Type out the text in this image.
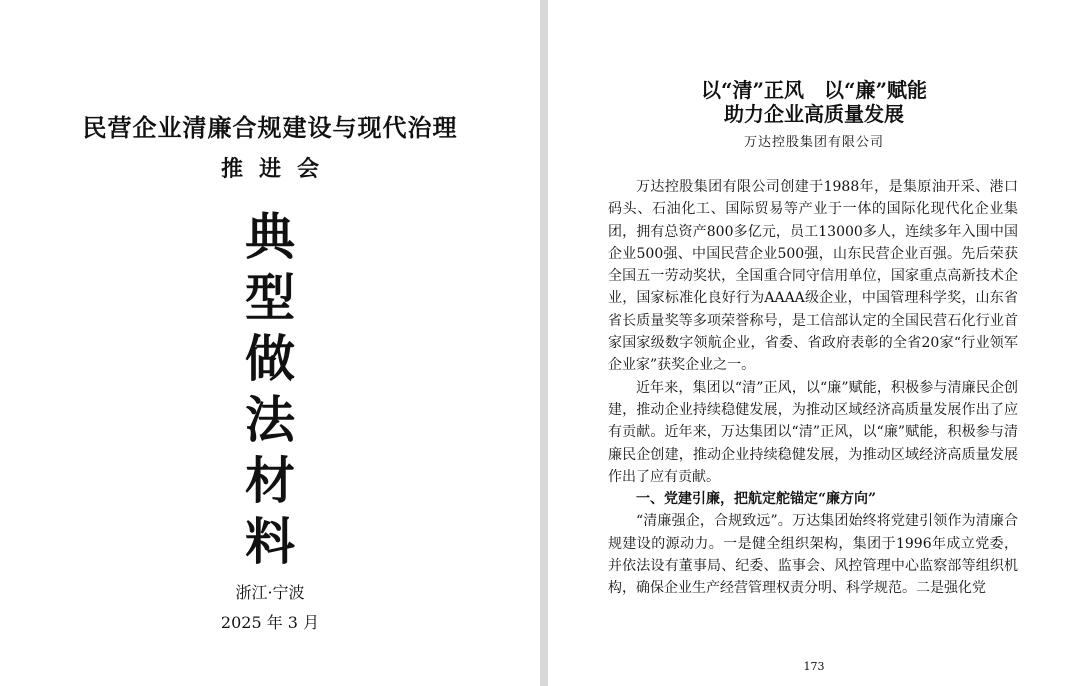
民营企业清廉合规建设与现代治理
推进会
典
型
做
法
材
料
浙江·宁波
2025 年 3 月
以“清”正风　以“廉”赋能
助力企业高质量发展
万达控股集团有限公司

万达控股集团有限公司创建于1988年，是集原油开采、港口码头、石油化工、国际贸易等产业于一体的国际化现代化企业集团，拥有总资产800多亿元，员工13000多人，连续多年入围中国企业500强、中国民营企业500强，山东民营企业百强。先后荣获全国五一劳动奖状，全国重合同守信用单位，国家重点高新技术企业，国家标准化良好行为AAAA级企业，中国管理科学奖，山东省省长质量奖等多项荣誉称号，是工信部认定的全国民营石化行业首家国家级数字领航企业，省委、省政府表彰的全省20家“行业领军企业家”获奖企业之一。

近年来，集团以“清”正风，以“廉”赋能，积极参与清廉民企创建，推动企业持续稳健发展，为推动区域经济高质量发展作出了应有贡献。近年来，万达集团以“清”正风，以“廉”赋能，积极参与清廉民企创建，推动企业持续稳健发展，为推动区域经济高质量发展作出了应有贡献。

一、党建引廉，把航定舵锚定“廉方向”

“清廉强企，合规致远”。万达集团始终将党建引领作为清廉合规建设的源动力。一是健全组织架构，集团于1996年成立党委，并依法设有董事局、纪委、监事会、风控管理中心监察部等组织机构，确保企业生产经营管理权责分明、科学规范。二是强化党

173
